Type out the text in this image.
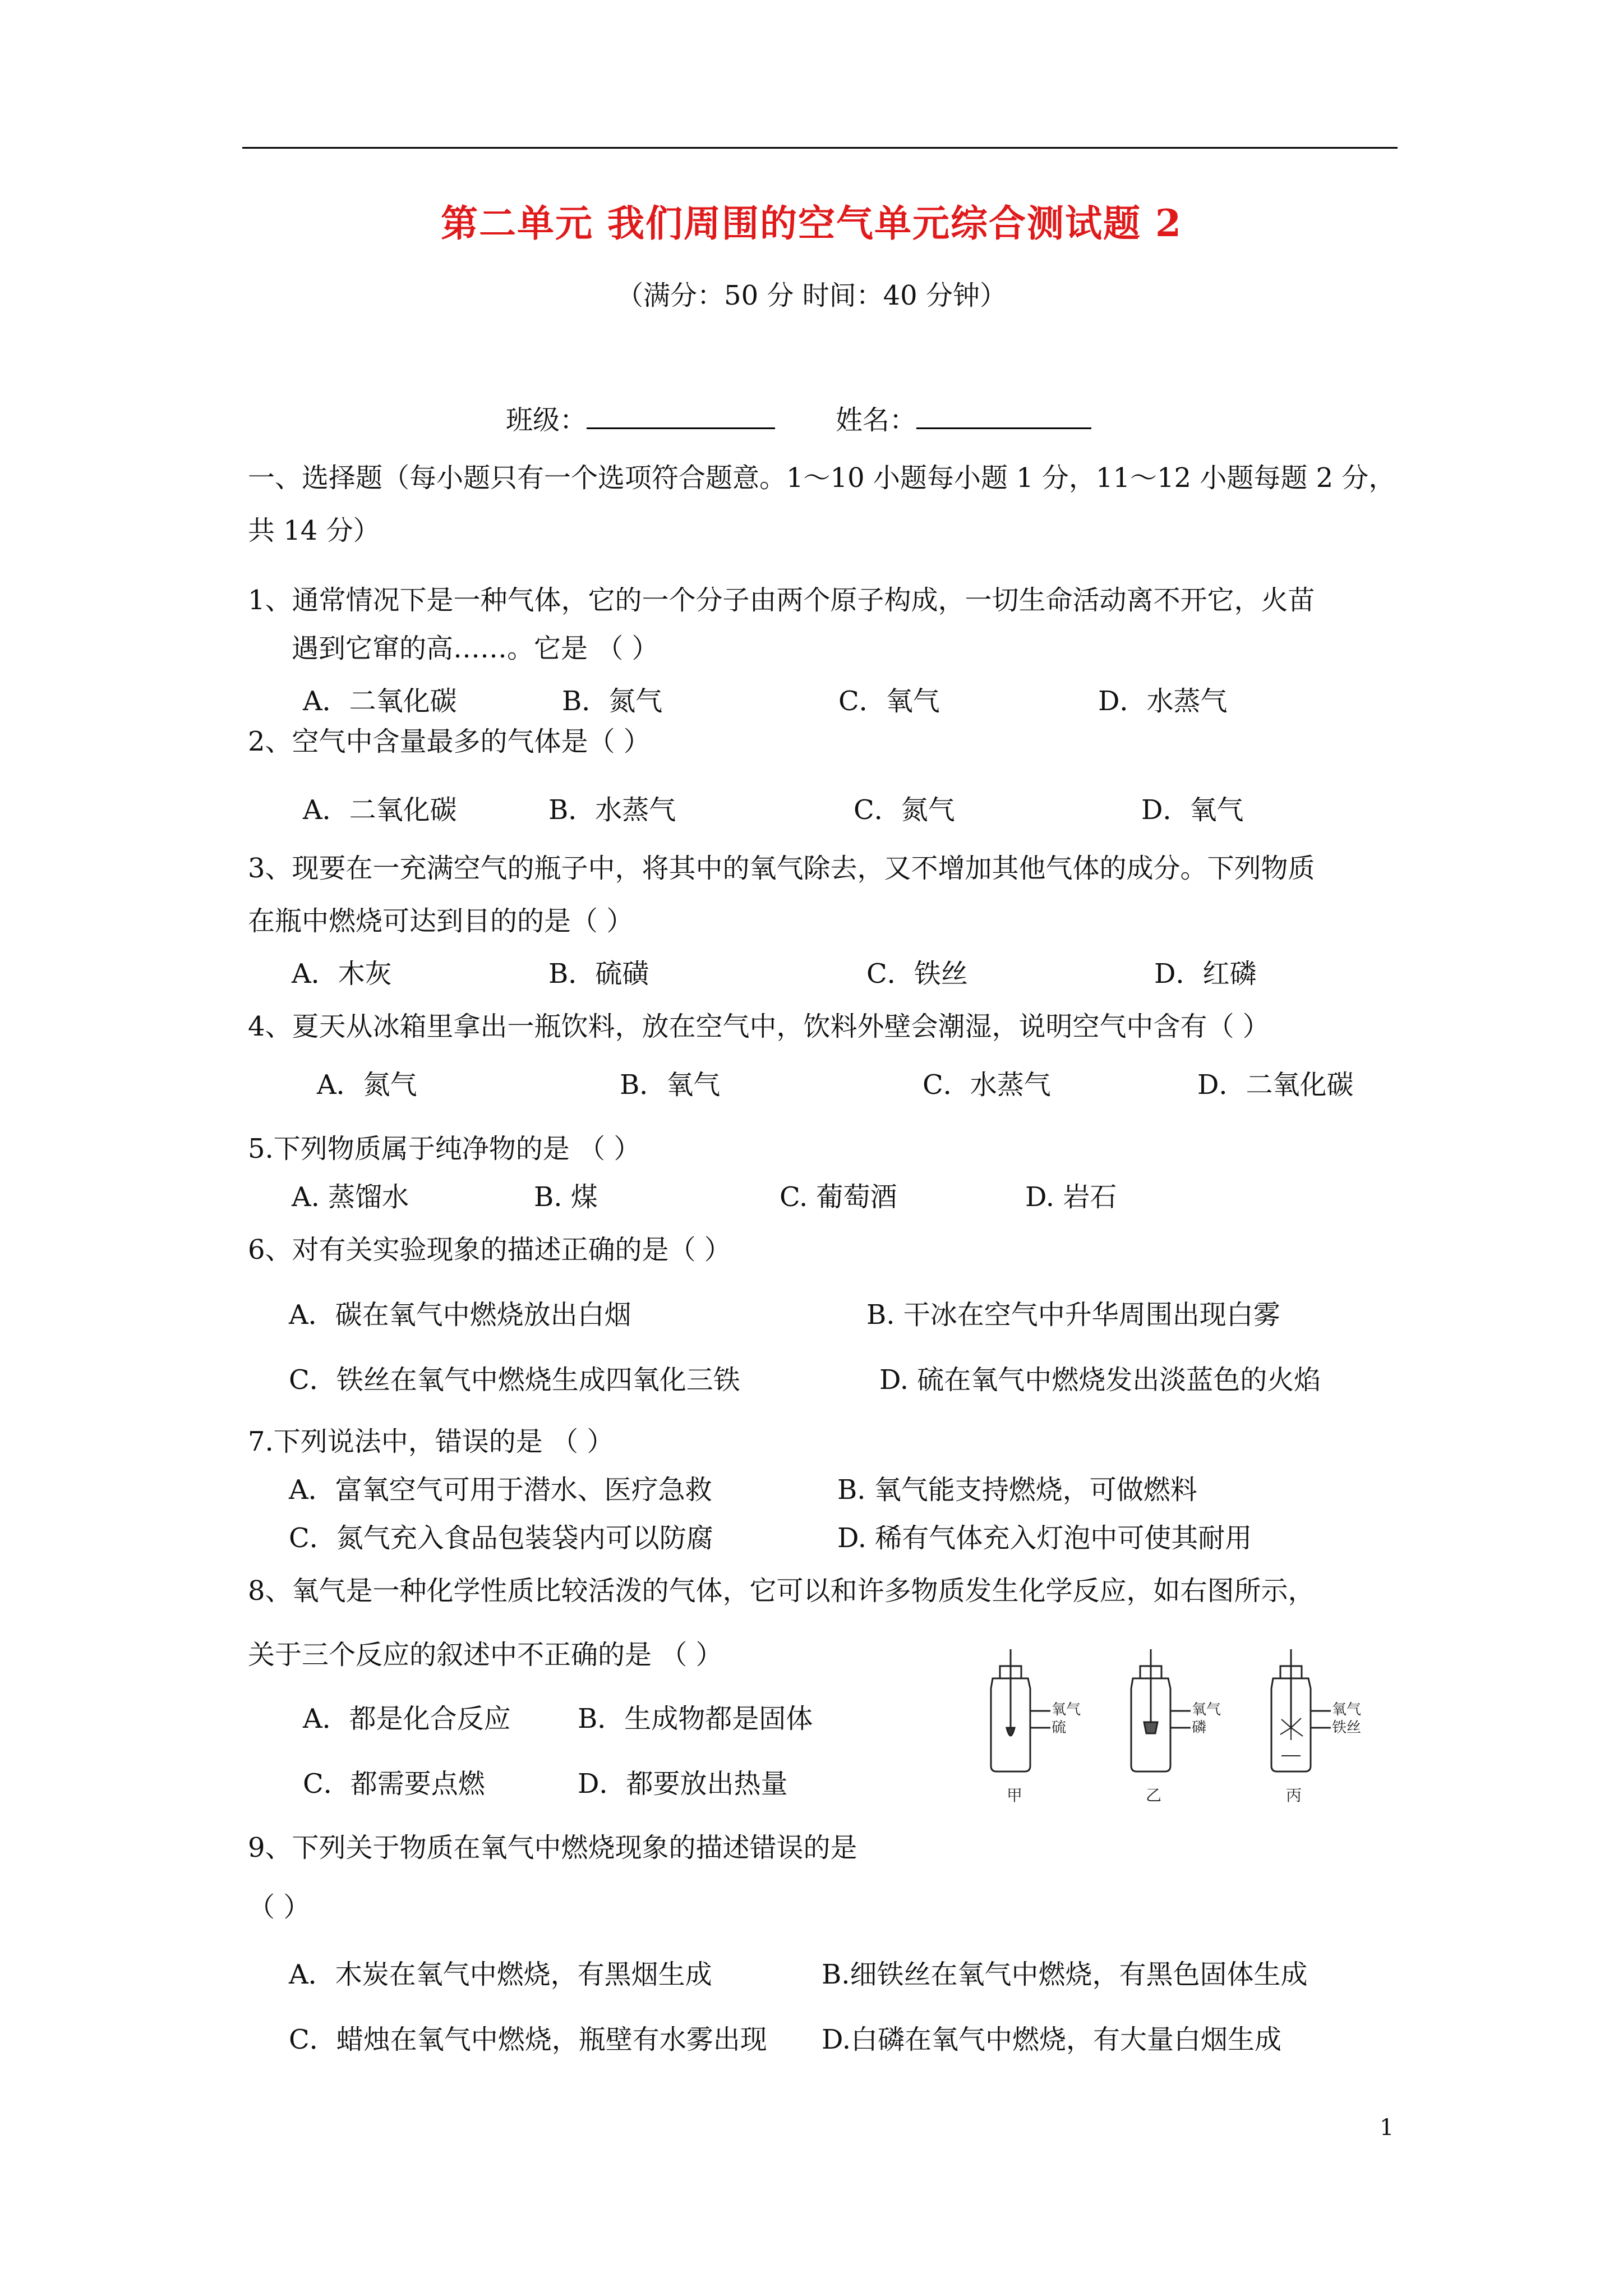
第二单元 我们周围的空气单元综合测试题 2
（满分：50 分 时间：40 分钟）
班级：	姓名：
一、选择题（每小题只有一个选项符合题意。1～10 小题每小题 1 分，11～12 小题每题 2 分，
共 14 分）
1、通常情况下是一种气体，它的一个分子由两个原子构成，一切生命活动离不开它，火苗
遇到它窜的高……。它是 （ ）
A．二氧化碳	B．氮气	C．氧气	D．水蒸气
2、空气中含量最多的气体是（ ）
A．二氧化碳	B．水蒸气	C．氮气	D．氧气
3、现要在一充满空气的瓶子中，将其中的氧气除去，又不增加其他气体的成分。下列物质
在瓶中燃烧可达到目的的是（ ）
A．木灰	B．硫磺	C．铁丝	D．红磷
4、夏天从冰箱里拿出一瓶饮料，放在空气中，饮料外壁会潮湿，说明空气中含有（ ）
A．氮气	B．氧气	C．水蒸气	D．二氧化碳
5.下列物质属于纯净物的是 （ ）
A. 蒸馏水	B. 煤	C. 葡萄酒	D. 岩石
6、对有关实验现象的描述正确的是（ ）
A．碳在氧气中燃烧放出白烟	B. 干冰在空气中升华周围出现白雾
C．铁丝在氧气中燃烧生成四氧化三铁	D. 硫在氧气中燃烧发出淡蓝色的火焰
7.下列说法中，错误的是 （ ）
A．富氧空气可用于潜水、医疗急救	B. 氧气能支持燃烧，可做燃料
C．氮气充入食品包装袋内可以防腐	D. 稀有气体充入灯泡中可使其耐用
8、氧气是一种化学性质比较活泼的气体，它可以和许多物质发生化学反应，如右图所示，
关于三个反应的叙述中不正确的是 （ ）
A．都是化合反应 B．生成物都是固体
C．都需要点燃	D．都要放出热量
氧气
硫
甲
氧气
磷
乙
氧气
铁丝
丙
9、下列关于物质在氧气中燃烧现象的描述错误的是
（ ）
A．木炭在氧气中燃烧，有黑烟生成	B.细铁丝在氧气中燃烧，有黑色固体生成
C．蜡烛在氧气中燃烧，瓶壁有水雾出现 D.白磷在氧气中燃烧，有大量白烟生成
1
